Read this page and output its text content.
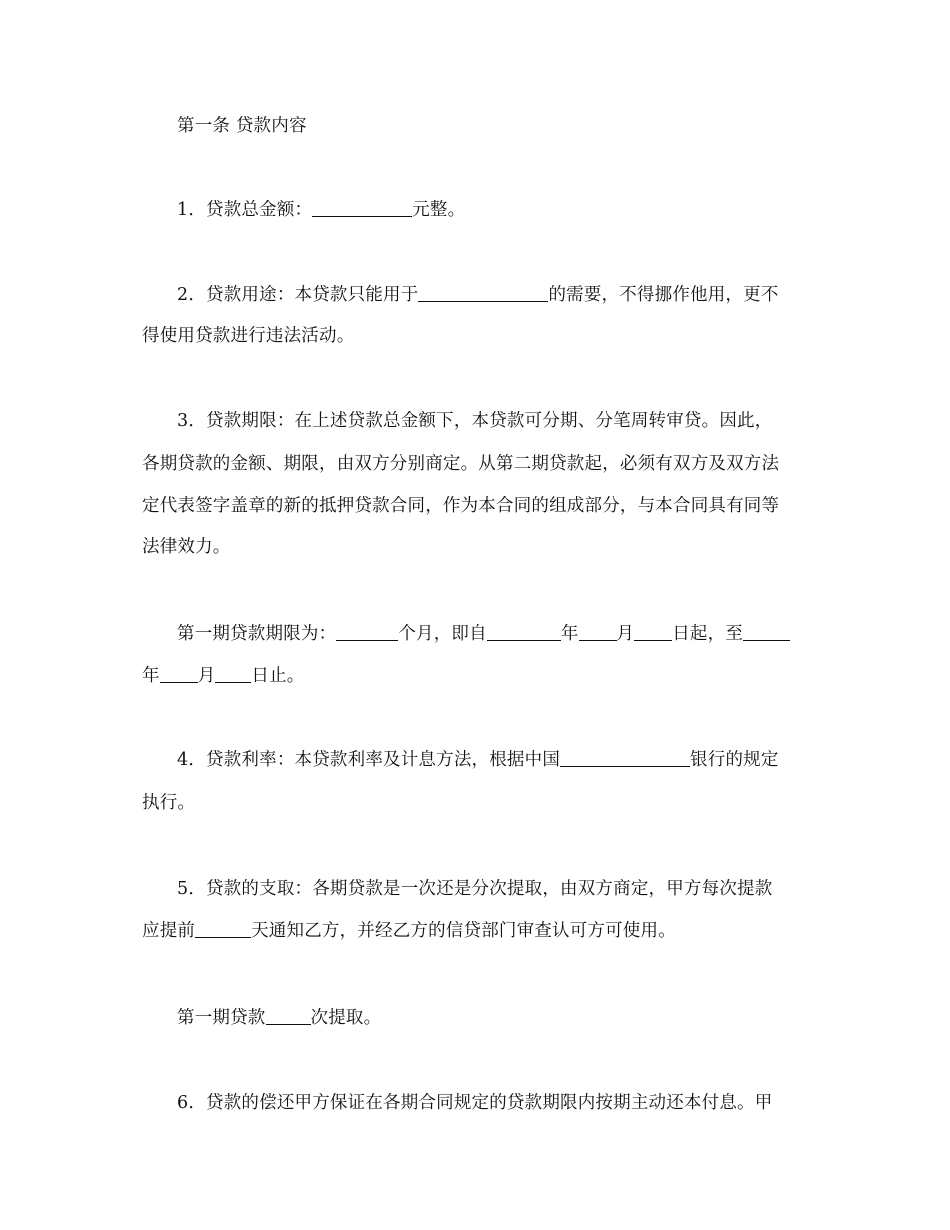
第一条 贷款内容
1．贷款总金额：	元整。
2．贷款用途：本贷款只能用于	的需要，不得挪作他用，更不
得使用贷款进行违法活动。
3．贷款期限：在上述贷款总金额下，本贷款可分期、分笔周转审贷。因此，
各期贷款的金额、期限，由双方分别商定。从第二期贷款起，必须有双方及双方法
定代表签字盖章的新的抵押贷款合同，作为本合同的组成部分，与本合同具有同等
法律效力。
第一期贷款期限为：	个月，即自	年 月 日起，至
年 月 日止。
4．贷款利率：本贷款利率及计息方法，根据中国	银行的规定
执行。
5．贷款的支取：各期贷款是一次还是分次提取，由双方商定，甲方每次提款
应提前	天通知乙方，并经乙方的信贷部门审查认可方可使用。
第一期贷款	次提取。
6．贷款的偿还甲方保证在各期合同规定的贷款期限内按期主动还本付息。甲
